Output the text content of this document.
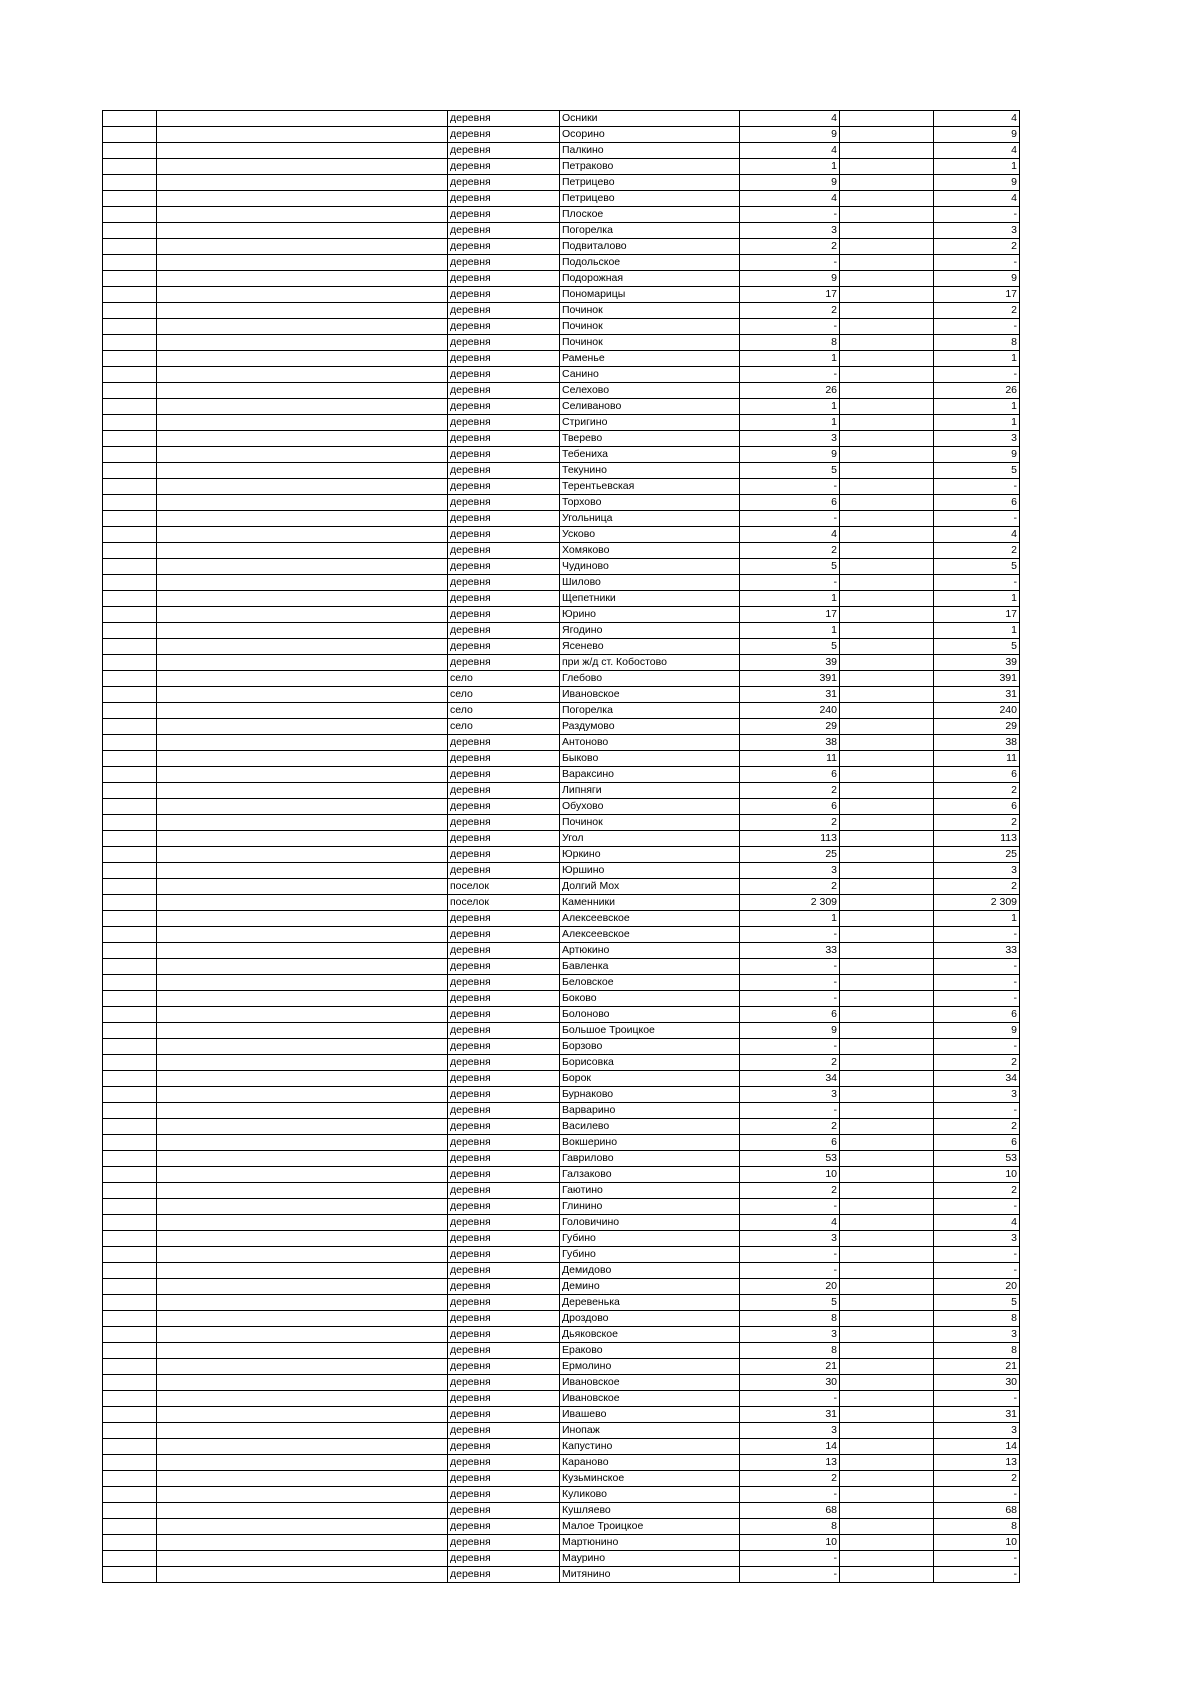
		деревня	Осники	4		4
		деревня	Осорино	9		9
		деревня	Палкино	4		4
		деревня	Петраково	1		1
		деревня	Петрицево	9		9
		деревня	Петрицево	4		4
		деревня	Плоское	-		-
		деревня	Погорелка	3		3
		деревня	Подвиталово	2		2
		деревня	Подольское	-		-
		деревня	Подорожная	9		9
		деревня	Пономарицы	17		17
		деревня	Починок	2		2
		деревня	Починок	-		-
		деревня	Починок	8		8
		деревня	Раменье	1		1
		деревня	Санино	-		-
		деревня	Селехово	26		26
		деревня	Селиваново	1		1
		деревня	Стригино	1		1
		деревня	Тверево	3		3
		деревня	Тебениха	9		9
		деревня	Текунино	5		5
		деревня	Терентьевская	-		-
		деревня	Торхово	6		6
		деревня	Угольница	-		-
		деревня	Усково	4		4
		деревня	Хомяково	2		2
		деревня	Чудиново	5		5
		деревня	Шилово	-		-
		деревня	Щепетники	1		1
		деревня	Юрино	17		17
		деревня	Ягодино	1		1
		деревня	Ясенево	5		5
		деревня	при ж/д ст. Кобостово	39		39
		село	Глебово	391		391
		село	Ивановское	31		31
		село	Погорелка	240		240
		село	Раздумово	29		29
		деревня	Антоново	38		38
		деревня	Быково	11		11
		деревня	Вараксино	6		6
		деревня	Липняги	2		2
		деревня	Обухово	6		6
		деревня	Починок	2		2
		деревня	Угол	113		113
		деревня	Юркино	25		25
		деревня	Юршино	3		3
		поселок	Долгий Мох	2		2
		поселок	Каменники	2 309		2 309
		деревня	Алексеевское	1		1
		деревня	Алексеевское	-		-
		деревня	Артюкино	33		33
		деревня	Бавленка	-		-
		деревня	Беловское	-		-
		деревня	Боково	-		-
		деревня	Болоново	6		6
		деревня	Большое Троицкое	9		9
		деревня	Борзово	-		-
		деревня	Борисовка	2		2
		деревня	Борок	34		34
		деревня	Бурнаково	3		3
		деревня	Варварино	-		-
		деревня	Василево	2		2
		деревня	Вокшерино	6		6
		деревня	Гаврилово	53		53
		деревня	Галзаково	10		10
		деревня	Гаютино	2		2
		деревня	Глинино	-		-
		деревня	Головичино	4		4
		деревня	Губино	3		3
		деревня	Губино	-		-
		деревня	Демидово	-		-
		деревня	Демино	20		20
		деревня	Деревенька	5		5
		деревня	Дроздово	8		8
		деревня	Дьяковское	3		3
		деревня	Ераково	8		8
		деревня	Ермолино	21		21
		деревня	Ивановское	30		30
		деревня	Ивановское	-		-
		деревня	Ивашево	31		31
		деревня	Инопаж	3		3
		деревня	Капустино	14		14
		деревня	Караново	13		13
		деревня	Кузьминское	2		2
		деревня	Куликово	-		-
		деревня	Кушляево	68		68
		деревня	Малое Троицкое	8		8
		деревня	Мартюнино	10		10
		деревня	Маурино	-		-
		деревня	Митянино	-		-
